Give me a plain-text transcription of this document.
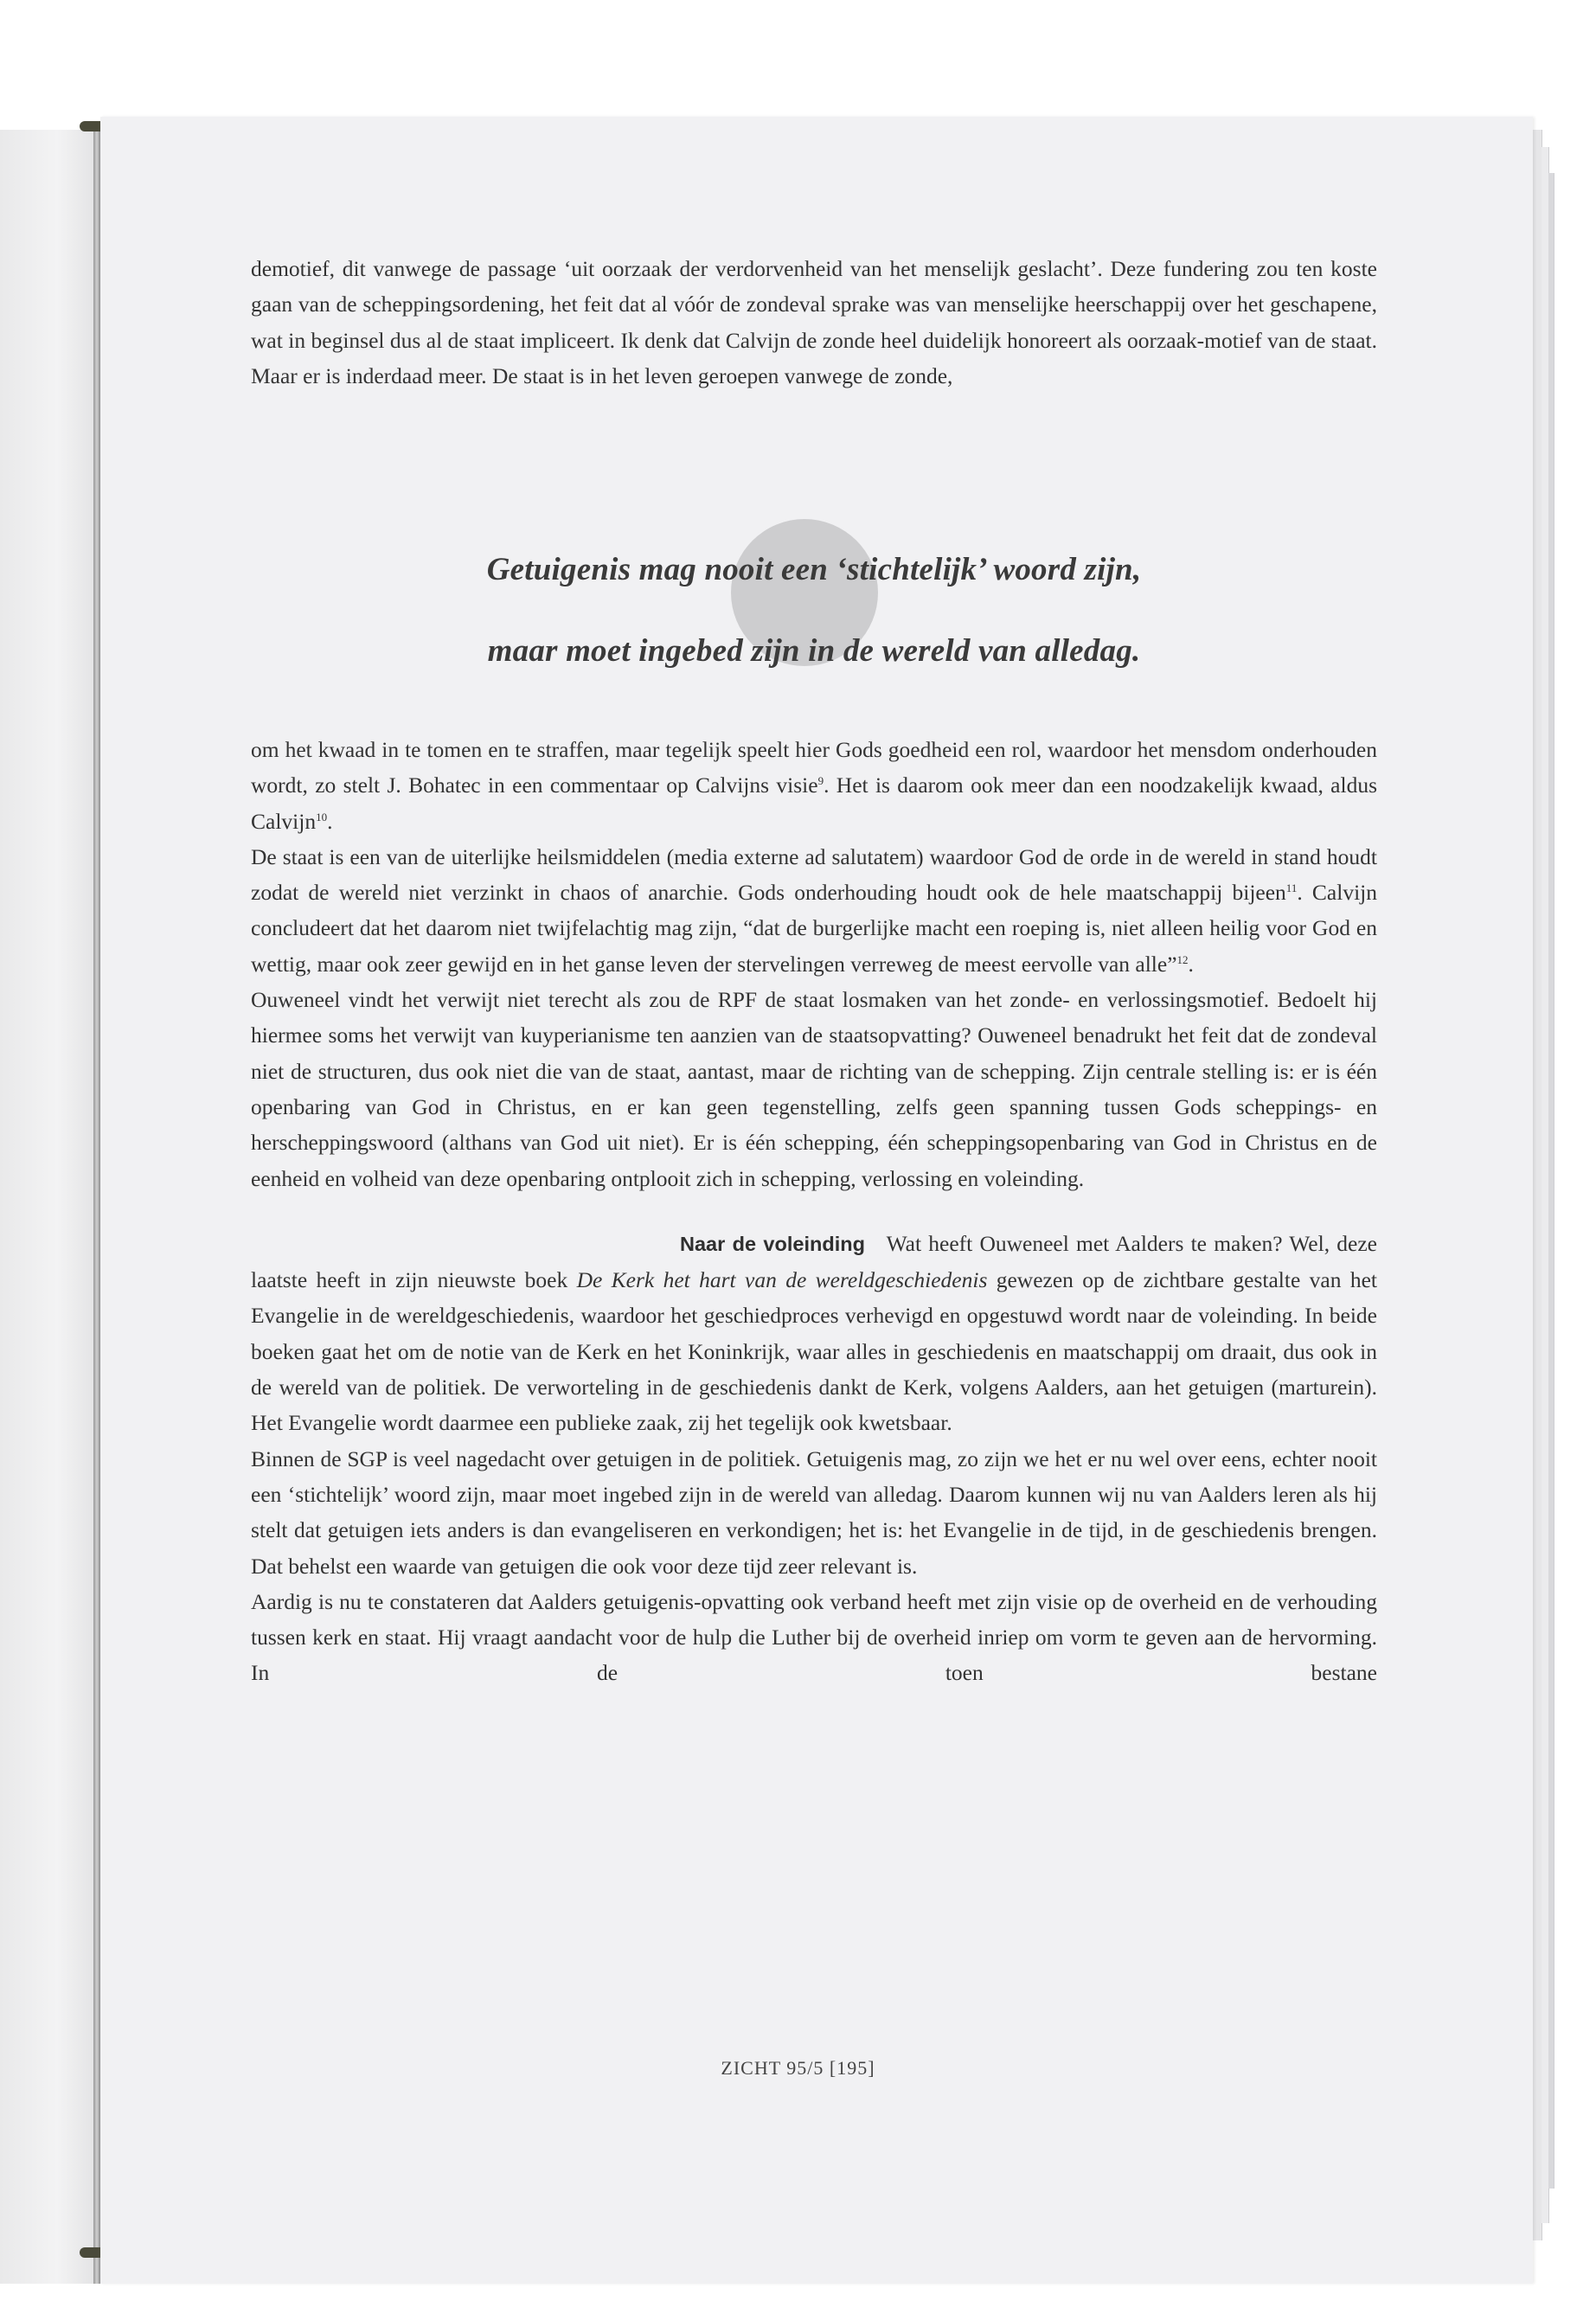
demotief, dit vanwege de passage ‘uit oorzaak der verdorvenheid van het menselijk geslacht’. Deze fundering zou ten koste gaan van de scheppingsordening, het feit dat al vóór de zondeval sprake was van menselijke heerschappij over het geschapene, wat in beginsel dus al de staat impliceert. Ik denk dat Calvijn de zonde heel duidelijk honoreert als oorzaak-motief van de staat. Maar er is inderdaad meer. De staat is in het leven geroepen vanwege de zonde,

Getuigenis mag nooit een ‘stichtelijk’ woord zijn,

maar moet ingebed zijn in de wereld van alledag.

om het kwaad in te tomen en te straffen, maar tegelijk speelt hier Gods goedheid een rol, waardoor het mensdom onderhouden wordt, zo stelt J. Bohatec in een commentaar op Calvijns visie$^9$. Het is daarom ook meer dan een noodzakelijk kwaad, aldus Calvijn$^{10}$.

De staat is een van de uiterlijke heilsmiddelen (media externe ad salutatem) waardoor God de orde in de wereld in stand houdt zodat de wereld niet verzinkt in chaos of anarchie. Gods onderhouding houdt ook de hele maatschappij bijeen$^{11}$. Calvijn concludeert dat het daarom niet twijfelachtig mag zijn, “dat de burgerlijke macht een roeping is, niet alleen heilig voor God en wettig, maar ook zeer gewijd en in het ganse leven der stervelingen verreweg de meest eervolle van alle”$^{12}$.

Ouweneel vindt het verwijt niet terecht als zou de RPF de staat losmaken van het zonde- en verlossingsmotief. Bedoelt hij hiermee soms het verwijt van kuyperianisme ten aanzien van de staatsopvatting? Ouweneel benadrukt het feit dat de zondeval niet de structuren, dus ook niet die van de staat, aantast, maar de richting van de schepping. Zijn centrale stelling is: er is één openbaring van God in Christus, en er kan geen tegenstelling, zelfs geen spanning tussen Gods scheppings- en herscheppingswoord (althans van God uit niet). Er is één schepping, één scheppingsopenbaring van God in Christus en de eenheid en volheid van deze openbaring ontplooit zich in schepping, verlossing en voleinding.

Naar de voleinding Wat heeft Ouweneel met Aalders te maken? Wel, deze laatste heeft in zijn nieuwste boek De Kerk het hart van de wereldgeschiedenis gewezen op de zichtbare gestalte van het Evangelie in de wereldgeschiedenis, waardoor het geschiedproces verhevigd en opgestuwd wordt naar de voleinding. In beide boeken gaat het om de notie van de Kerk en het Koninkrijk, waar alles in geschiedenis en maatschappij om draait, dus ook in de wereld van de politiek. De verworteling in de geschiedenis dankt de Kerk, volgens Aalders, aan het getuigen (marturein). Het Evangelie wordt daarmee een publieke zaak, zij het tegelijk ook kwetsbaar.

Binnen de SGP is veel nagedacht over getuigen in de politiek. Getuigenis mag, zo zijn we het er nu wel over eens, echter nooit een ‘stichtelijk’ woord zijn, maar moet ingebed zijn in de wereld van alledag. Daarom kunnen wij nu van Aalders leren als hij stelt dat getuigen iets anders is dan evangeliseren en verkondigen; het is: het Evangelie in de tijd, in de geschiedenis brengen. Dat behelst een waarde van getuigen die ook voor deze tijd zeer relevant is.

Aardig is nu te constateren dat Aalders getuigenis-opvatting ook verband heeft met zijn visie op de overheid en de verhouding tussen kerk en staat. Hij vraagt aandacht voor de hulp die Luther bij de overheid inriep om vorm te geven aan de hervorming. In de toen bestane

ZICHT 95/5 [195]
